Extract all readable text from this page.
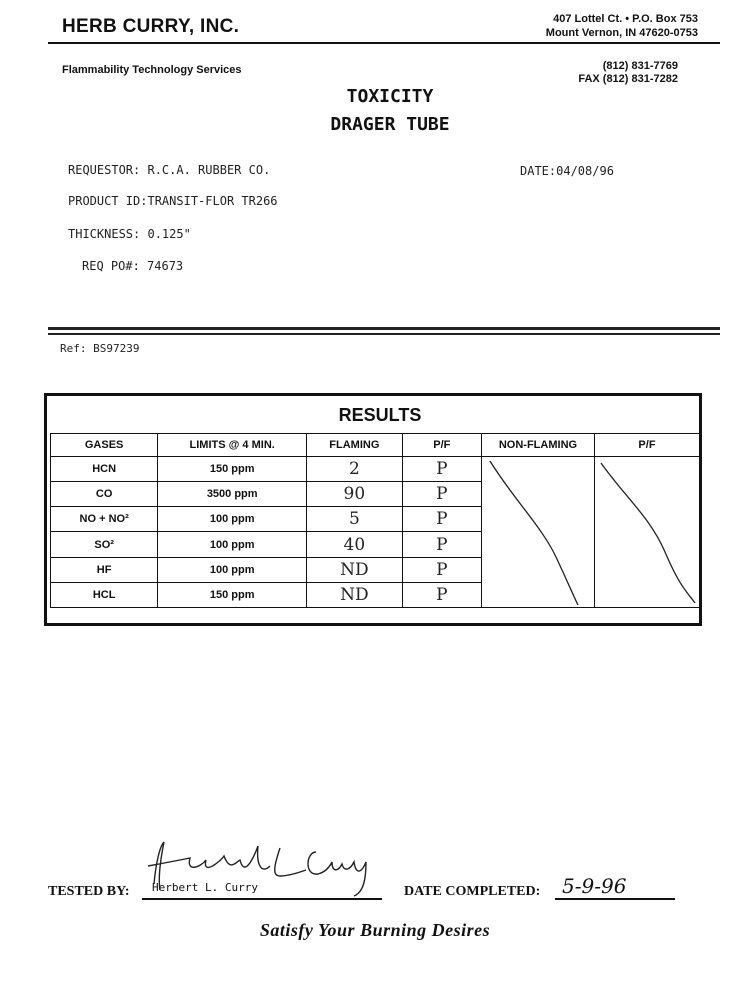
HERB CURRY, INC.	407 Lottel Ct. • P.O. Box 753
Mount Vernon, IN 47620-0753
Flammability Technology Services	(812) 831-7769
FAX (812) 831-7282
TOXICITY
DRAGER TUBE
REQUESTOR: R.C.A. RUBBER CO.	DATE:04/08/96
PRODUCT ID:TRANSIT-FLOR TR266
THICKNESS: 0.125"
REQ PO#: 74673
Ref: BS97239
RESULTS
GASES	LIMITS @ 4 MIN.	FLAMING	P/F	NON-FLAMING	P/F
HCN	150 ppm	2	P	

CO	3500 ppm	90	P		
NO + NO²	100 ppm	5	P		
SO²	100 ppm	40	P		
HF	100 ppm	ND	P		
HCL	150 ppm	ND	P		
TESTED BY: Herbert L. Curry	DATE COMPLETED: 5-9-96
Satisfy Your Burning Desires
